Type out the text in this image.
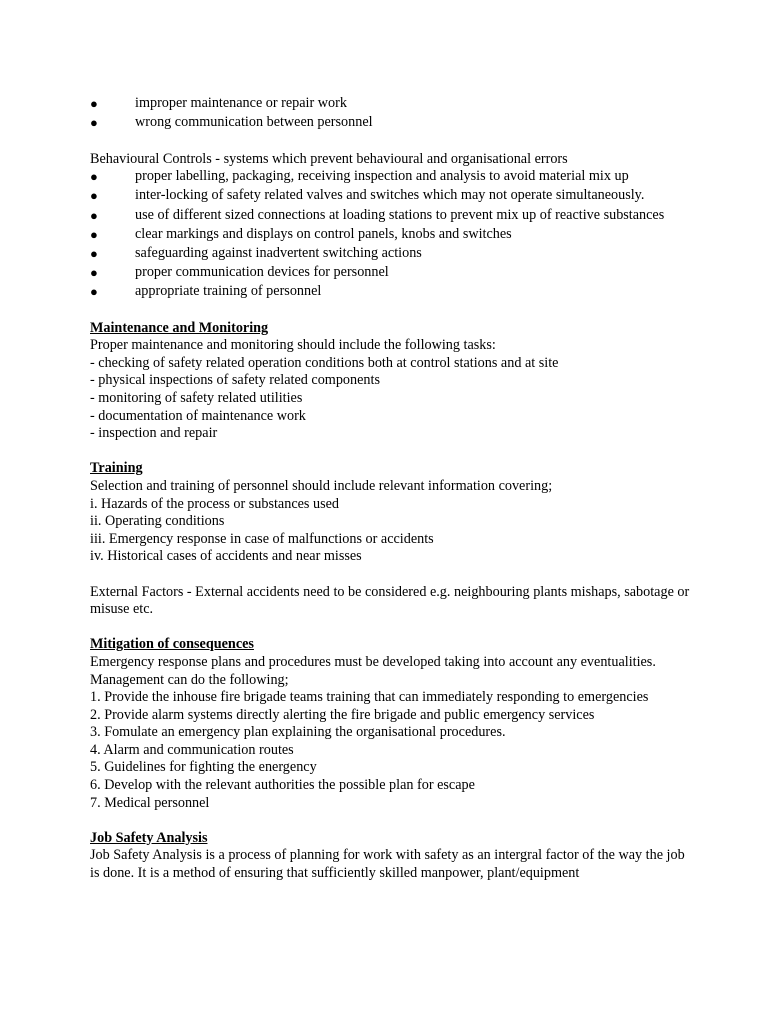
●	improper maintenance or repair work
●	wrong communication between personnel
Behavioural Controls - systems which prevent behavioural and organisational errors
●	proper labelling, packaging, receiving inspection and analysis to avoid material mix up
●	inter-locking of safety related valves and switches which may not operate simultaneously.
●	use of different sized connections at loading stations to prevent mix up of reactive substances
●	clear markings and displays on control panels, knobs and switches
●	safeguarding against inadvertent switching actions
●	proper communication devices for personnel
●	appropriate training of personnel
Maintenance and Monitoring
Proper maintenance and monitoring should include the following tasks:
- checking of safety related operation conditions both at control stations and at site
- physical inspections of safety related components
- monitoring of safety related utilities
- documentation of maintenance work
- inspection and repair
Training
Selection and training of personnel should include relevant information covering;
i. Hazards of the process or substances used
ii. Operating conditions
iii. Emergency response in case of malfunctions or accidents
iv. Historical cases of accidents and near misses
External Factors - External accidents need to be considered e.g. neighbouring plants mishaps, sabotage or misuse etc.
Mitigation of consequences
Emergency response plans and procedures must be developed taking into account any eventualities. Management can do the following;
1. Provide the inhouse fire brigade teams training that can immediately responding to emergencies
2. Provide alarm systems directly alerting the fire brigade and public emergency services
3. Fomulate an emergency plan explaining the organisational procedures.
4. Alarm and communication routes
5. Guidelines for fighting the energency
6. Develop with the relevant authorities the possible plan for escape
7. Medical personnel
Job Safety Analysis
Job Safety Analysis is a process of planning for work with safety as an intergral factor of the way the job is done. It is a method of ensuring that sufficiently skilled manpower, plant/equipment
